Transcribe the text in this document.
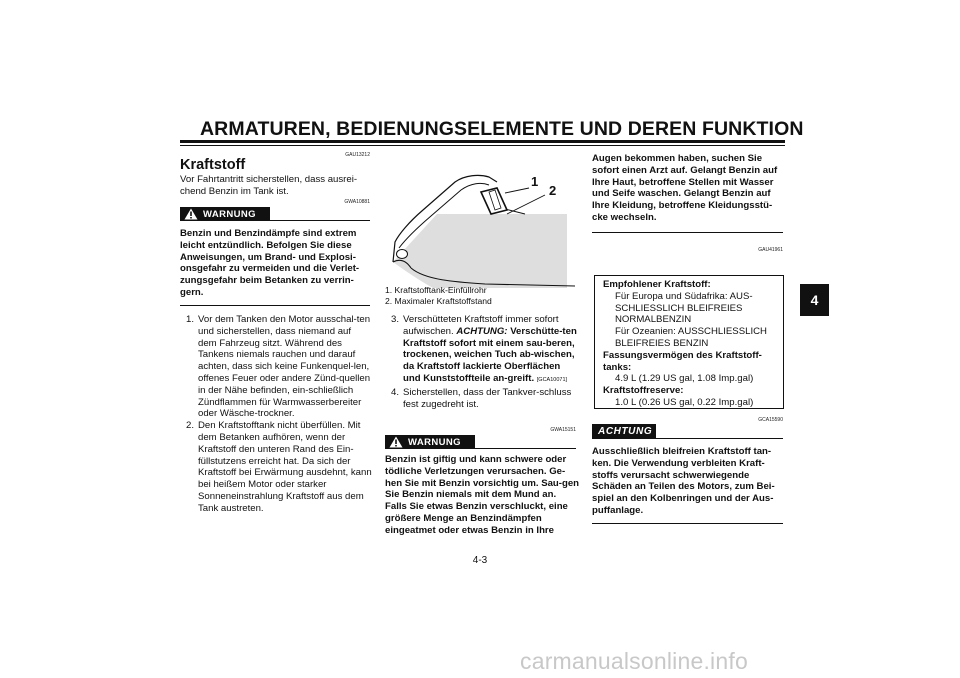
ARMATUREN, BEDIENUNGSELEMENTE UND DEREN FUNKTION
4
GAU13212
Kraftstoff
Vor Fahrtantritt sicherstellen, dass ausrei-chend Benzin im Tank ist.
WARNUNG
GWA10881
Benzin und Benzindämpfe sind extrem leicht entzündlich. Befolgen Sie diese Anweisungen, um Brand- und Explosi-onsgefahr zu vermeiden und die Verlet-zungsgefahr beim Betanken zu verrin-gern.
1. Vor dem Tanken den Motor ausschal-ten und sicherstellen, dass niemand auf dem Fahrzeug sitzt. Während des Tankens niemals rauchen und darauf achten, dass sich keine Funkenquel-len, offenes Feuer oder andere Zünd-quellen in der Nähe befinden, ein-schließlich Zündflammen für Warmwasserbereiter oder Wäsche-trockner.
2. Den Kraftstofftank nicht überfüllen. Mit dem Betanken aufhören, wenn der Kraftstoff den unteren Rand des Ein-füllstutzens erreicht hat. Da sich der Kraftstoff bei Erwärmung ausdehnt, kann bei heißem Motor oder starker Sonneneinstrahlung Kraftstoff aus dem Tank austreten.
1
2
1. Kraftstofftank-Einfüllrohr
2. Maximaler Kraftstoffstand
3. Verschütteten Kraftstoff immer sofort aufwischen. ACHTUNG: Verschütte-ten Kraftstoff sofort mit einem sau-beren, trockenen, weichen Tuch ab-wischen, da Kraftstoff lackierte Oberflächen und Kunststoffteile an-greift. [GCA10071]
4. Sicherstellen, dass der Tankver-schluss fest zugedreht ist.
WARNUNG
GWA15151
Benzin ist giftig und kann schwere oder tödliche Verletzungen verursachen. Ge-hen Sie mit Benzin vorsichtig um. Sau-gen Sie Benzin niemals mit dem Mund an. Falls Sie etwas Benzin verschluckt, eine größere Menge an Benzindämpfen eingeatmet oder etwas Benzin in Ihre
Augen bekommen haben, suchen Sie sofort einen Arzt auf. Gelangt Benzin auf Ihre Haut, betroffene Stellen mit Wasser und Seife waschen. Gelangt Benzin auf Ihre Kleidung, betroffene Kleidungsstü-cke wechseln.
GAU41961
Empfohlener Kraftstoff:
Für Europa und Südafrika: AUS-SCHLIESSLICH BLEIFREIES NORMALBENZIN
Für Ozeanien: AUSSCHLIESSLICH BLEIFREIES BENZIN
Fassungsvermögen des Kraftstoff-tanks:
4.9 L (1.29 US gal, 1.08 Imp.gal)
Kraftstoffreserve:
1.0 L (0.26 US gal, 0.22 Imp.gal)
GCA15590
ACHTUNG
Ausschließlich bleifreien Kraftstoff tan-ken. Die Verwendung verbleiten Kraft-stoffs verursacht schwerwiegende Schäden an Teilen des Motors, zum Bei-spiel an den Kolbenringen und der Aus-puffanlage.
4-3
carmanualsonline.info
